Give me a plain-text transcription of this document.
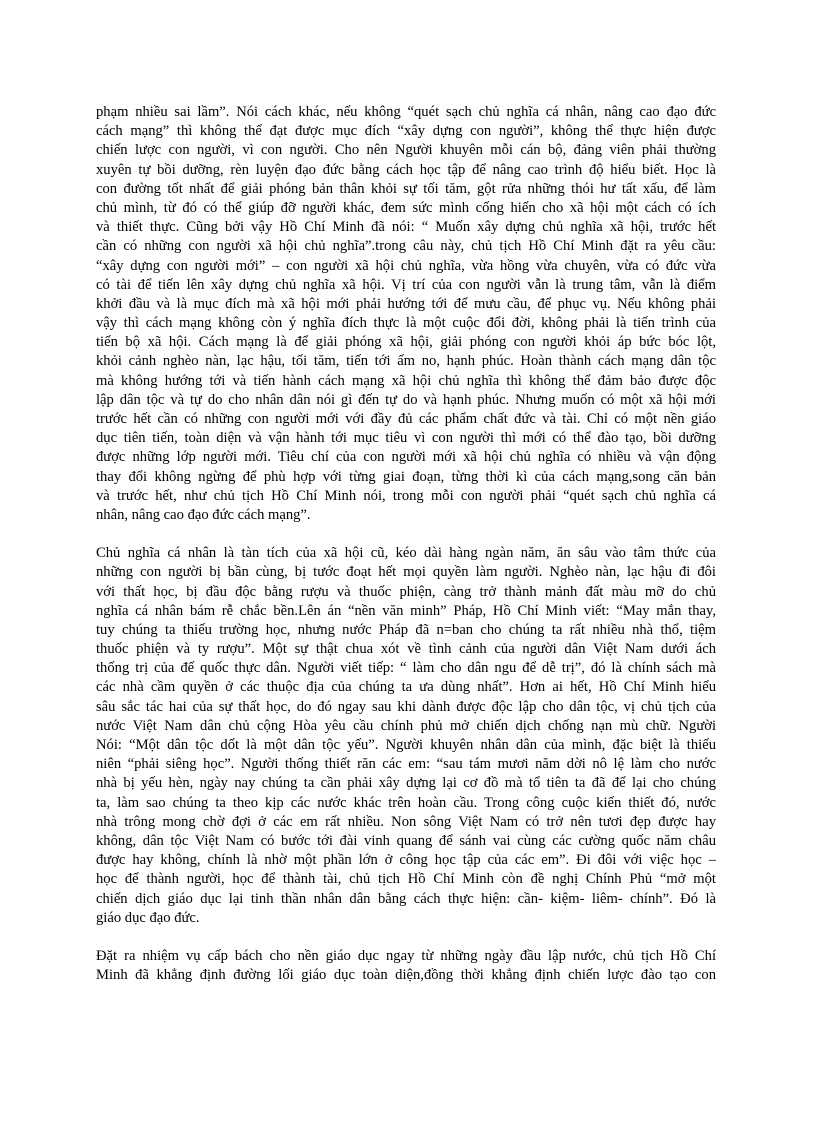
phạm nhiều sai lầm”. Nói cách khác, nếu không “quét sạch chủ nghĩa cá nhân, nâng cao đạo đức
cách mạng” thì không thể đạt được mục đích “xây dựng con người”, không thể thực hiện được
chiến lược con người, vì con người. Cho nên Người khuyên mỗi cán bộ, đảng viên phải thường
xuyên tự bồi dưỡng, rèn luyện đạo đức bằng cách học tập để nâng cao trình độ hiểu biết. Học là
con đường tốt nhất để giải phóng bản thân khỏi sự tối tăm, gột rửa những thói hư tất xấu, để làm
chủ mình, từ đó có thể giúp đỡ người khác, đem sức mình cống hiến cho xã hội một cách có ích
và thiết thực. Cũng bởi vậy Hồ Chí Minh đã nói: “ Muốn xây dựng chủ nghĩa xã hội, trước hết
cần có những con người xã hội chủ nghĩa”.trong câu này, chủ tịch Hồ Chí Minh đặt ra yêu cầu:
“xây dựng con người mới” – con người xã hội chủ nghĩa, vừa hồng vừa chuyên, vừa có đức vừa
có tài để tiến lên xây dựng chủ nghĩa xã hội. Vị trí của con người vẫn là trung tâm, vẫn là điểm
khởi đầu và là mục đích mà xã hội mới phải hướng tới để mưu cầu, để phục vụ. Nếu không phải
vậy thì cách mạng không còn ý nghĩa đích thực là một cuộc đổi đời, không phải là tiến trình của
tiến bộ xã hội. Cách mạng là để giải phóng xã hội, giải phóng con người khỏi áp bức bóc lột,
khỏi cảnh nghèo nàn, lạc hậu, tối tăm, tiến tới ấm no, hạnh phúc. Hoàn thành cách mạng dân tộc
mà không hướng tới và tiến hành cách mạng xã hội chủ nghĩa thì không thể đảm bảo được độc
lập dân tộc và tự do cho nhân dân nói gì đến tự do và hạnh phúc. Nhưng muốn có một xã hội mới
trước hết cần có những con người mới với đầy đủ các phẩm chất đức và tài. Chỉ có một nền giáo
dục tiên tiến, toàn diện và vận hành tới mục tiêu vì con người thì mới có thể đào tạo, bồi dưỡng
được những lớp người mới. Tiêu chí của con người mới xã hội chủ nghĩa có nhiều và vận động
thay đổi không ngừng để phù hợp với từng giai đoạn, từng thời kì của cách mạng,song căn bản
và trước hết, như chủ tịch Hồ Chí Minh nói, trong mỗi con người phải “quét sạch chủ nghĩa cá
nhân, nâng cao đạo đức cách mạng”.
Chủ nghĩa cá nhân là tàn tích của xã hội cũ, kéo dài hàng ngàn năm, ăn sâu vào tâm thức của
những con người bị bần cùng, bị tước đoạt hết mọi quyền làm người. Nghèo nàn, lạc hậu đi đôi
với thất học, bị đầu độc bằng rượu và thuốc phiện, càng trở thành mảnh đất màu mỡ do chủ
nghĩa cá nhân bám rễ chắc bền.Lên án “nền văn minh” Pháp, Hồ Chí Minh viết: “May mắn thay,
tuy chúng ta thiếu trường học, nhưng nước Pháp đã n=ban cho chúng ta rất nhiều nhà thổ, tiệm
thuốc phiện và ty rượu”. Một sự thật chua xót về tình cảnh của người dân Việt Nam dưới ách
thống trị của đế quốc thực dân. Người viết tiếp: “ làm cho dân ngu để dễ trị”, đó là chính sách mà
các nhà cầm quyền ở các thuộc địa của chúng ta ưa dùng nhất”. Hơn ai hết, Hồ Chí Minh hiểu
sâu sắc tác hai của sự thất học, do đó ngay sau khi dành được độc lập cho dân tộc, vị chủ tịch của
nước Việt Nam dân chủ cộng Hòa yêu cầu chính phủ mở chiến dịch chống nạn mù chữ. Người
Nói: “Một dân tộc dốt là một dân tộc yếu”. Người khuyên nhân dân của mình, đặc biệt là thiếu
niên “phải siêng học”. Người thống thiết răn các em: “sau tám mươi năm dời nô lệ làm cho nước
nhà bị yếu hèn, ngày nay chúng ta cần phải xây dựng lại cơ đồ mà tổ tiên ta đã để lại cho chúng
ta, làm sao chúng ta theo kịp các nước khác trên hoàn cầu. Trong công cuộc kiến thiết đó, nước
nhà trông mong chờ đợi ở các em rất nhiều. Non sông Việt Nam có trở nên tươi đẹp được hay
không, dân tộc Việt Nam có bước tới đài vinh quang để sánh vai cùng các cường quốc năm châu
được hay không, chính là nhờ một phần lớn ở công học tập của các em”. Đi đôi với việc học –
học để thành người, học để thành tài, chủ tịch Hồ Chí Minh còn đề nghị Chính Phủ “mở một
chiến dịch giáo dục lại tinh thần nhân dân bằng cách thực hiện: cần- kiệm- liêm- chính”. Đó là
giáo dục đạo đức.
Đặt ra nhiệm vụ cấp bách cho nền giáo dục ngay từ những ngày đầu lập nước, chủ tịch Hồ Chí
Minh đã khẳng định đường lối giáo dục toàn diện,đồng thời khẳng định chiến lược đào tạo con
